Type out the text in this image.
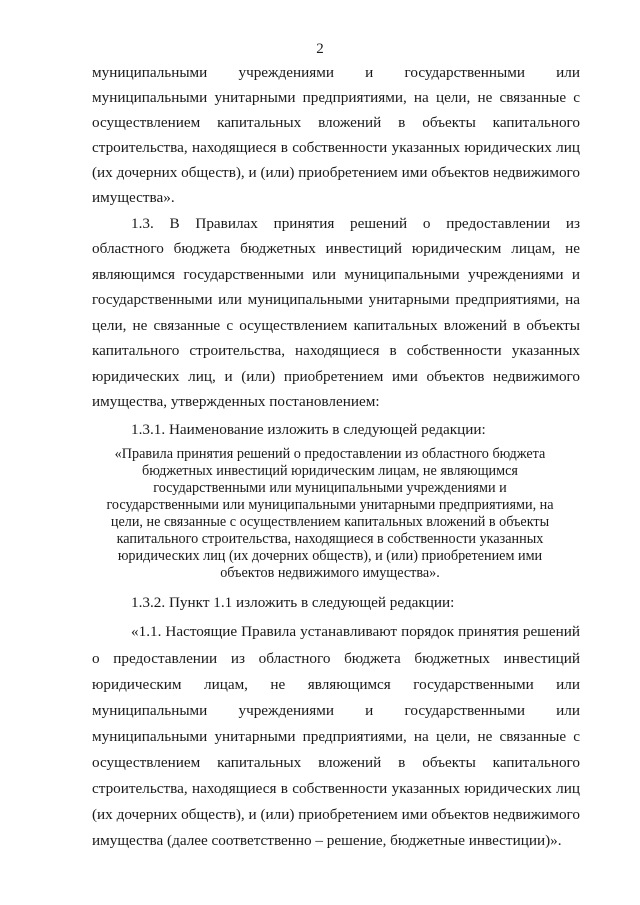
2
муниципальными учреждениями и государственными или
муниципальными унитарными предприятиями, на цели, не связанные с
осуществлением капитальных вложений в объекты капитального
строительства, находящиеся в собственности указанных юридических лиц
(их дочерних обществ), и (или) приобретением ими объектов недвижимого
имущества».
1.3. В Правилах принятия решений о предоставлении из
областного бюджета бюджетных инвестиций юридическим лицам, не
являющимся государственными или муниципальными учреждениями и
государственными или муниципальными унитарными предприятиями, на
цели, не связанные с осуществлением капитальных вложений в объекты
капитального строительства, находящиеся в собственности указанных
юридических лиц, и (или) приобретением ими объектов недвижимого
имущества, утвержденных постановлением:
1.3.1. Наименование изложить в следующей редакции:
«Правила принятия решений о предоставлении из областного бюджета
бюджетных инвестиций юридическим лицам, не являющимся
государственными или муниципальными учреждениями и
государственными или муниципальными унитарными предприятиями, на
цели, не связанные с осуществлением капитальных вложений в объекты
капитального строительства, находящиеся в собственности указанных
юридических лиц (их дочерних обществ), и (или) приобретением ими
объектов недвижимого имущества».
1.3.2. Пункт 1.1 изложить в следующей редакции:
«1.1. Настоящие Правила устанавливают порядок принятия решений
о предоставлении из областного бюджета бюджетных инвестиций
юридическим лицам, не являющимся государственными или
муниципальными учреждениями и государственными или
муниципальными унитарными предприятиями, на цели, не связанные с
осуществлением капитальных вложений в объекты капитального
строительства, находящиеся в собственности указанных юридических лиц
(их дочерних обществ), и (или) приобретением ими объектов недвижимого
имущества (далее соответственно – решение, бюджетные инвестиции)».
